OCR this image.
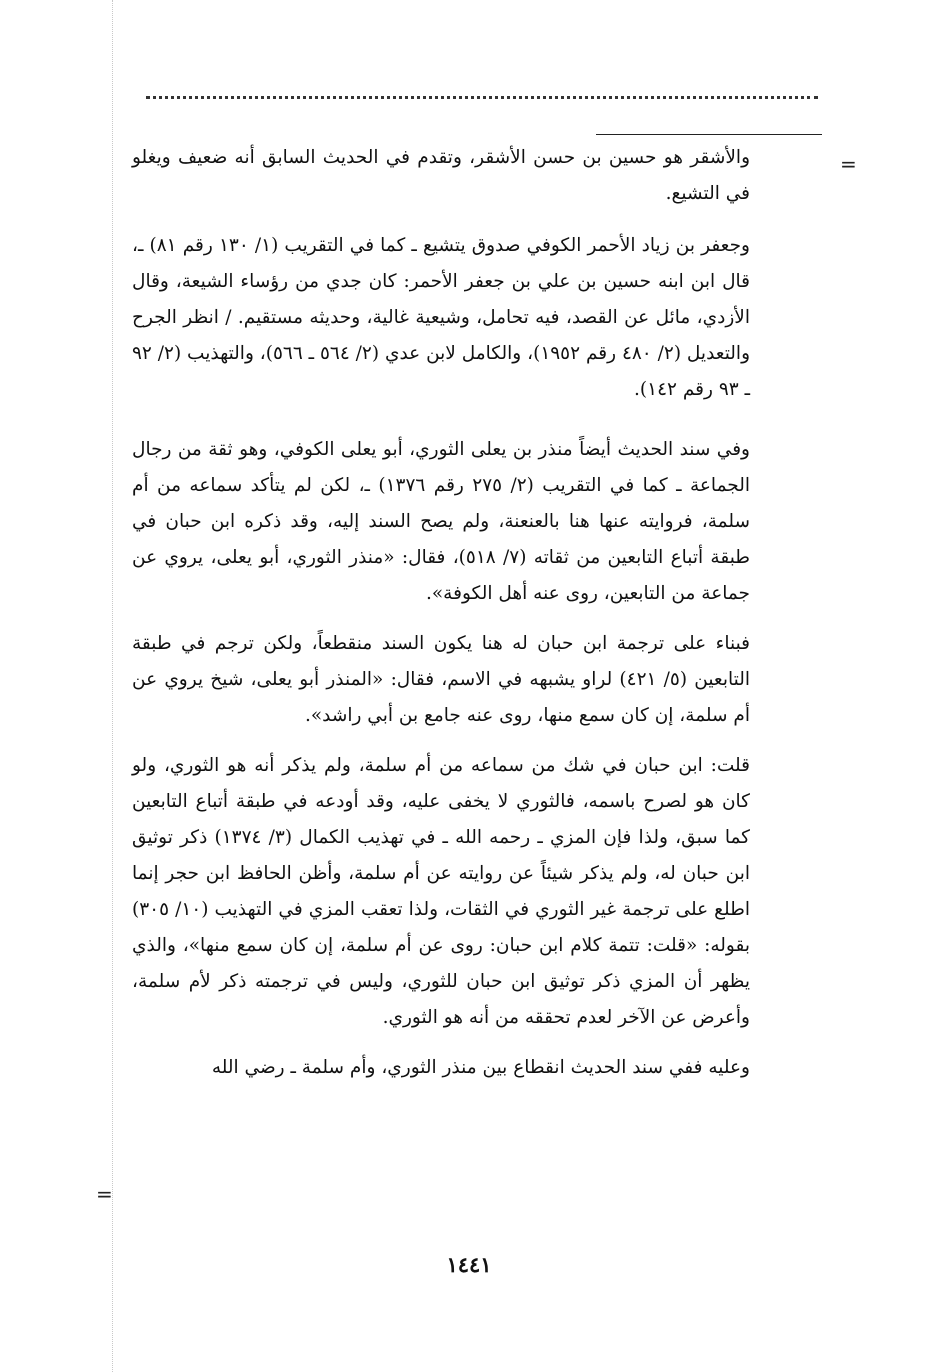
=
=

والأشقر هو حسين بن حسن الأشقر، وتقدم في الحديث السابق أنه ضعيف ويغلو في التشيع.

وجعفر بن زياد الأحمر الكوفي صدوق يتشيع ـ كما في التقريب (١/ ١٣٠ رقم ٨١) ـ، قال ابن ابنه حسين بن علي بن جعفر الأحمر: كان جدي من رؤساء الشيعة، وقال الأزدي، مائل عن القصد، فيه تحامل، وشيعية غالية، وحديثه مستقيم. / انظر الجرح والتعديل (٢/ ٤٨٠ رقم ١٩٥٢)، والكامل لابن عدي (٢/ ٥٦٤ ـ ٥٦٦)، والتهذيب (٢/ ٩٢ ـ ٩٣ رقم ١٤٢).

وفي سند الحديث أيضاً منذر بن يعلى الثوري، أبو يعلى الكوفي، وهو ثقة من رجال الجماعة ـ كما في التقريب (٢/ ٢٧٥ رقم ١٣٧٦) ـ، لكن لم يتأكد سماعه من أم سلمة، فروايته عنها هنا بالعنعنة، ولم يصح السند إليه، وقد ذكره ابن حبان في طبقة أتباع التابعين من ثقاته (٧/ ٥١٨)، فقال: «منذر الثوري، أبو يعلى، يروي عن جماعة من التابعين، روى عنه أهل الكوفة».

فبناء على ترجمة ابن حبان له هنا يكون السند منقطعاً، ولكن ترجم في طبقة التابعين (٥/ ٤٢١) لراو يشبهه في الاسم، فقال: «المنذر أبو يعلى، شيخ يروي عن أم سلمة، إن كان سمع منها، روى عنه جامع بن أبي راشد».

قلت: ابن حبان في شك من سماعه من أم سلمة، ولم يذكر أنه هو الثوري، ولو كان هو لصرح باسمه، فالثوري لا يخفى عليه، وقد أودعه في طبقة أتباع التابعين كما سبق، ولذا فإن المزي ـ رحمه الله ـ في تهذيب الكمال (٣/ ١٣٧٤) ذكر توثيق ابن حبان له، ولم يذكر شيئاً عن روايته عن أم سلمة، وأظن الحافظ ابن حجر إنما اطلع على ترجمة غير الثوري في الثقات، ولذا تعقب المزي في التهذيب (١٠/ ٣٠٥) بقوله: «قلت: تتمة كلام ابن حبان: روى عن أم سلمة، إن كان سمع منها»، والذي يظهر أن المزي ذكر توثيق ابن حبان للثوري، وليس في ترجمته ذكر لأم سلمة، وأعرض عن الآخر لعدم تحققه من أنه هو الثوري.

وعليه ففي سند الحديث انقطاع بين منذر الثوري، وأم سلمة ـ رضي الله

١٤٤١
